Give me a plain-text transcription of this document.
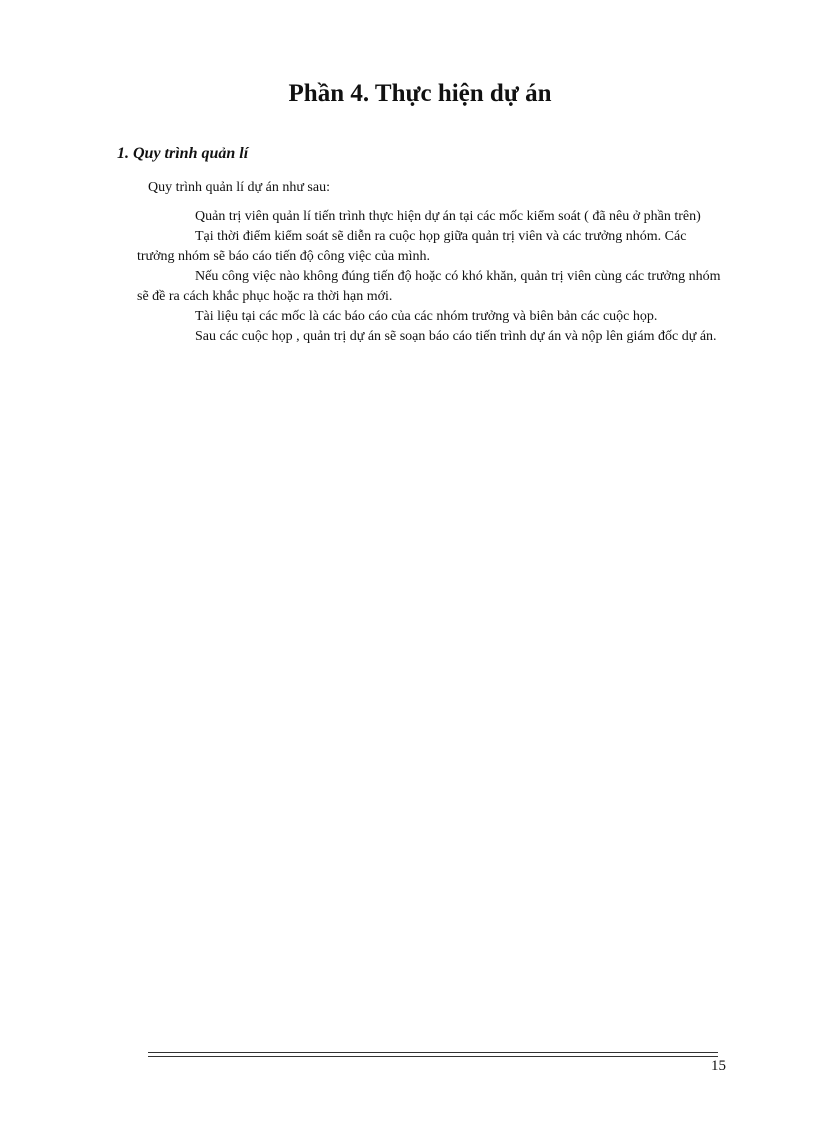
Phần 4. Thực hiện dự án
1. Quy trình quản lí

Quy trình quản lí dự án như sau:

Quản trị viên quản lí tiến trình thực hiện dự án tại các mốc kiểm soát ( đã nêu ở phần trên)

Tại thời điểm kiểm soát sẽ diễn ra cuộc họp giữa quản trị viên và các trưởng nhóm. Các trưởng nhóm sẽ báo cáo tiến độ công việc của mình.

Nếu công việc nào không đúng tiến độ hoặc có khó khăn, quản trị viên cùng các trưởng nhóm sẽ đề ra cách khắc phục hoặc ra thời hạn mới.

Tài liệu tại các mốc là các báo cáo của các nhóm trưởng và biên bản các cuộc họp.

Sau các cuộc họp , quản trị dự án sẽ soạn báo cáo tiến trình dự án và nộp lên giám đốc dự án.

15
